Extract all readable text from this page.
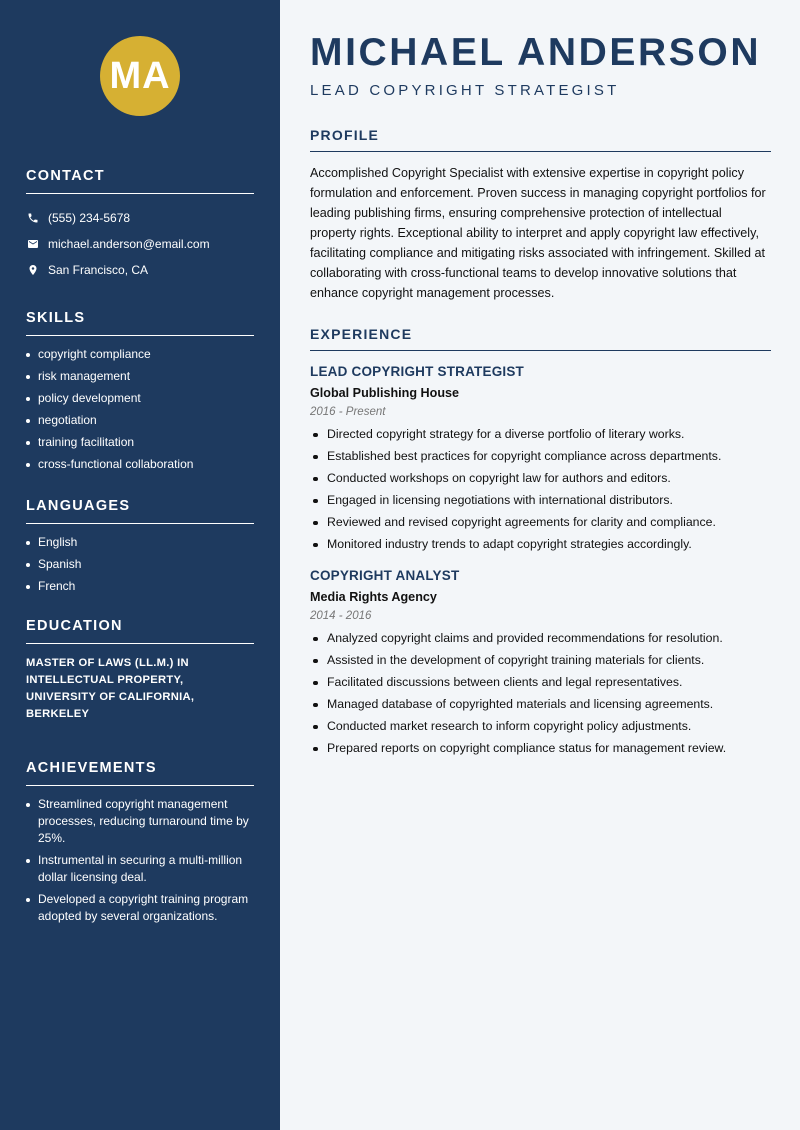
MA
CONTACT
(555) 234-5678
michael.anderson@email.com
San Francisco, CA
SKILLS
copyright compliance
risk management
policy development
negotiation
training facilitation
cross-functional collaboration
LANGUAGES
English
Spanish
French
EDUCATION
MASTER OF LAWS (LL.M.) IN INTELLECTUAL PROPERTY, UNIVERSITY OF CALIFORNIA, BERKELEY
ACHIEVEMENTS
Streamlined copyright management processes, reducing turnaround time by 25%.
Instrumental in securing a multi-million dollar licensing deal.
Developed a copyright training program adopted by several organizations.
MICHAEL ANDERSON
LEAD COPYRIGHT STRATEGIST
PROFILE
Accomplished Copyright Specialist with extensive expertise in copyright policy formulation and enforcement. Proven success in managing copyright portfolios for leading publishing firms, ensuring comprehensive protection of intellectual property rights. Exceptional ability to interpret and apply copyright law effectively, facilitating compliance and mitigating risks associated with infringement. Skilled at collaborating with cross-functional teams to develop innovative solutions that enhance copyright management processes.
EXPERIENCE
LEAD COPYRIGHT STRATEGIST
Global Publishing House
2016 - Present
Directed copyright strategy for a diverse portfolio of literary works.
Established best practices for copyright compliance across departments.
Conducted workshops on copyright law for authors and editors.
Engaged in licensing negotiations with international distributors.
Reviewed and revised copyright agreements for clarity and compliance.
Monitored industry trends to adapt copyright strategies accordingly.
COPYRIGHT ANALYST
Media Rights Agency
2014 - 2016
Analyzed copyright claims and provided recommendations for resolution.
Assisted in the development of copyright training materials for clients.
Facilitated discussions between clients and legal representatives.
Managed database of copyrighted materials and licensing agreements.
Conducted market research to inform copyright policy adjustments.
Prepared reports on copyright compliance status for management review.
